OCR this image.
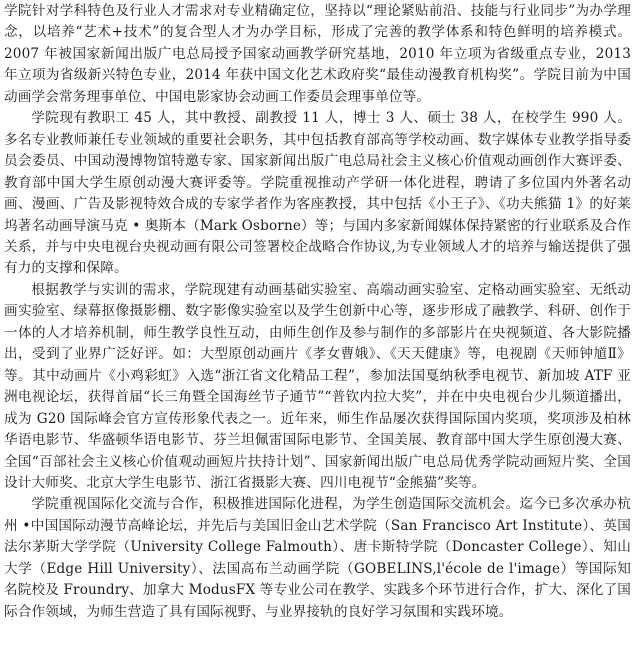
学院针对学科特色及行业人才需求对专业精确定位，坚持以“理论紧贴前沿、技能与行业同步”为办学理念，以培养“艺术+技术”的复合型人才为办学目标，形成了完善的教学体系和特色鲜明的培养模式。2007 年被国家新闻出版广电总局授予国家动画教学研究基地，2010 年立项为省级重点专业，2013 年立项为省级新兴特色专业，2014 年获中国文化艺术政府奖“最佳动漫教育机构奖”。学院目前为中国动画学会常务理事单位、中国电影家协会动画工作委员会理事单位等。

学院现有教职工 45 人，其中教授、副教授 11 人，博士 3 人、硕士 38 人，在校学生 990 人。多名专业教师兼任专业领域的重要社会职务，其中包括教育部高等学校动画、数字媒体专业教学指导委员会委员、中国动漫博物馆特邀专家、国家新闻出版广电总局社会主义核心价值观动画创作大赛评委、教育部中国大学生原创动漫大赛评委等。学院重视推动产学研一体化进程，聘请了多位国内外著名动画、漫画、广告及影视特效合成的专家学者作为客座教授，其中包括《小王子》、《功夫熊猫 1》的好莱坞著名动画导演马克 • 奥斯本（Mark Osborne）等；与国内多家新闻媒体保持紧密的行业联系及合作关系，并与中央电视台央视动画有限公司签署校企战略合作协议,为专业领域人才的培养与输送提供了强有力的支撑和保障。

根据教学与实训的需求，学院现建有动画基础实验室、高端动画实验室、定格动画实验室、无纸动画实验室、绿幕抠像摄影棚、数字影像实验室以及学生创新中心等，逐步形成了融教学、科研、创作于一体的人才培养机制，师生教学良性互动，由师生创作及参与制作的多部影片在央视频道、各大影院播出，受到了业界广泛好评。如：大型原创动画片《孝女曹娥》、《天天健康》等，电视剧《天师钟馗Ⅱ》等。其中动画片《小鸡彩虹》入选“浙江省文化精品工程”，参加法国戛纳秋季电视节、新加坡 ATF 亚洲电视论坛，获得首届“长三角暨全国海丝节子通节”“普钦内拉大奖”，并在中央电视台少儿频道播出，成为 G20 国际峰会官方宣传形象代表之一。近年来，师生作品屡次获得国际国内奖项，奖项涉及柏林华语电影节、华盛顿华语电影节、芬兰坦佩雷国际电影节、全国美展、教育部中国大学生原创漫大赛、全国“百部社会主义核心价值观动画短片扶持计划”、国家新闻出版广电总局优秀学院动画短片奖、全国设计大师奖、北京大学生电影节、浙江省摄影大赛、四川电视节“金熊猫”奖等。

学院重视国际化交流与合作，积极推进国际化进程，为学生创造国际交流机会。迄今已多次承办杭州 •中国国际动漫节高峰论坛，并先后与美国旧金山艺术学院（San Francisco Art Institute）、英国法尔茅斯大学学院（University College Falmouth）、唐卡斯特学院（Doncaster College）、知山大学（Edge Hill University）、法国高布兰动画学院（GOBELINS,l'école de l'image）等国际知名院校及 Froundry、加拿大 ModusFX 等专业公司在教学、实践多个环节进行合作，扩大、深化了国际合作领域，为师生营造了具有国际视野、与业界接轨的良好学习氛围和实践环境。
